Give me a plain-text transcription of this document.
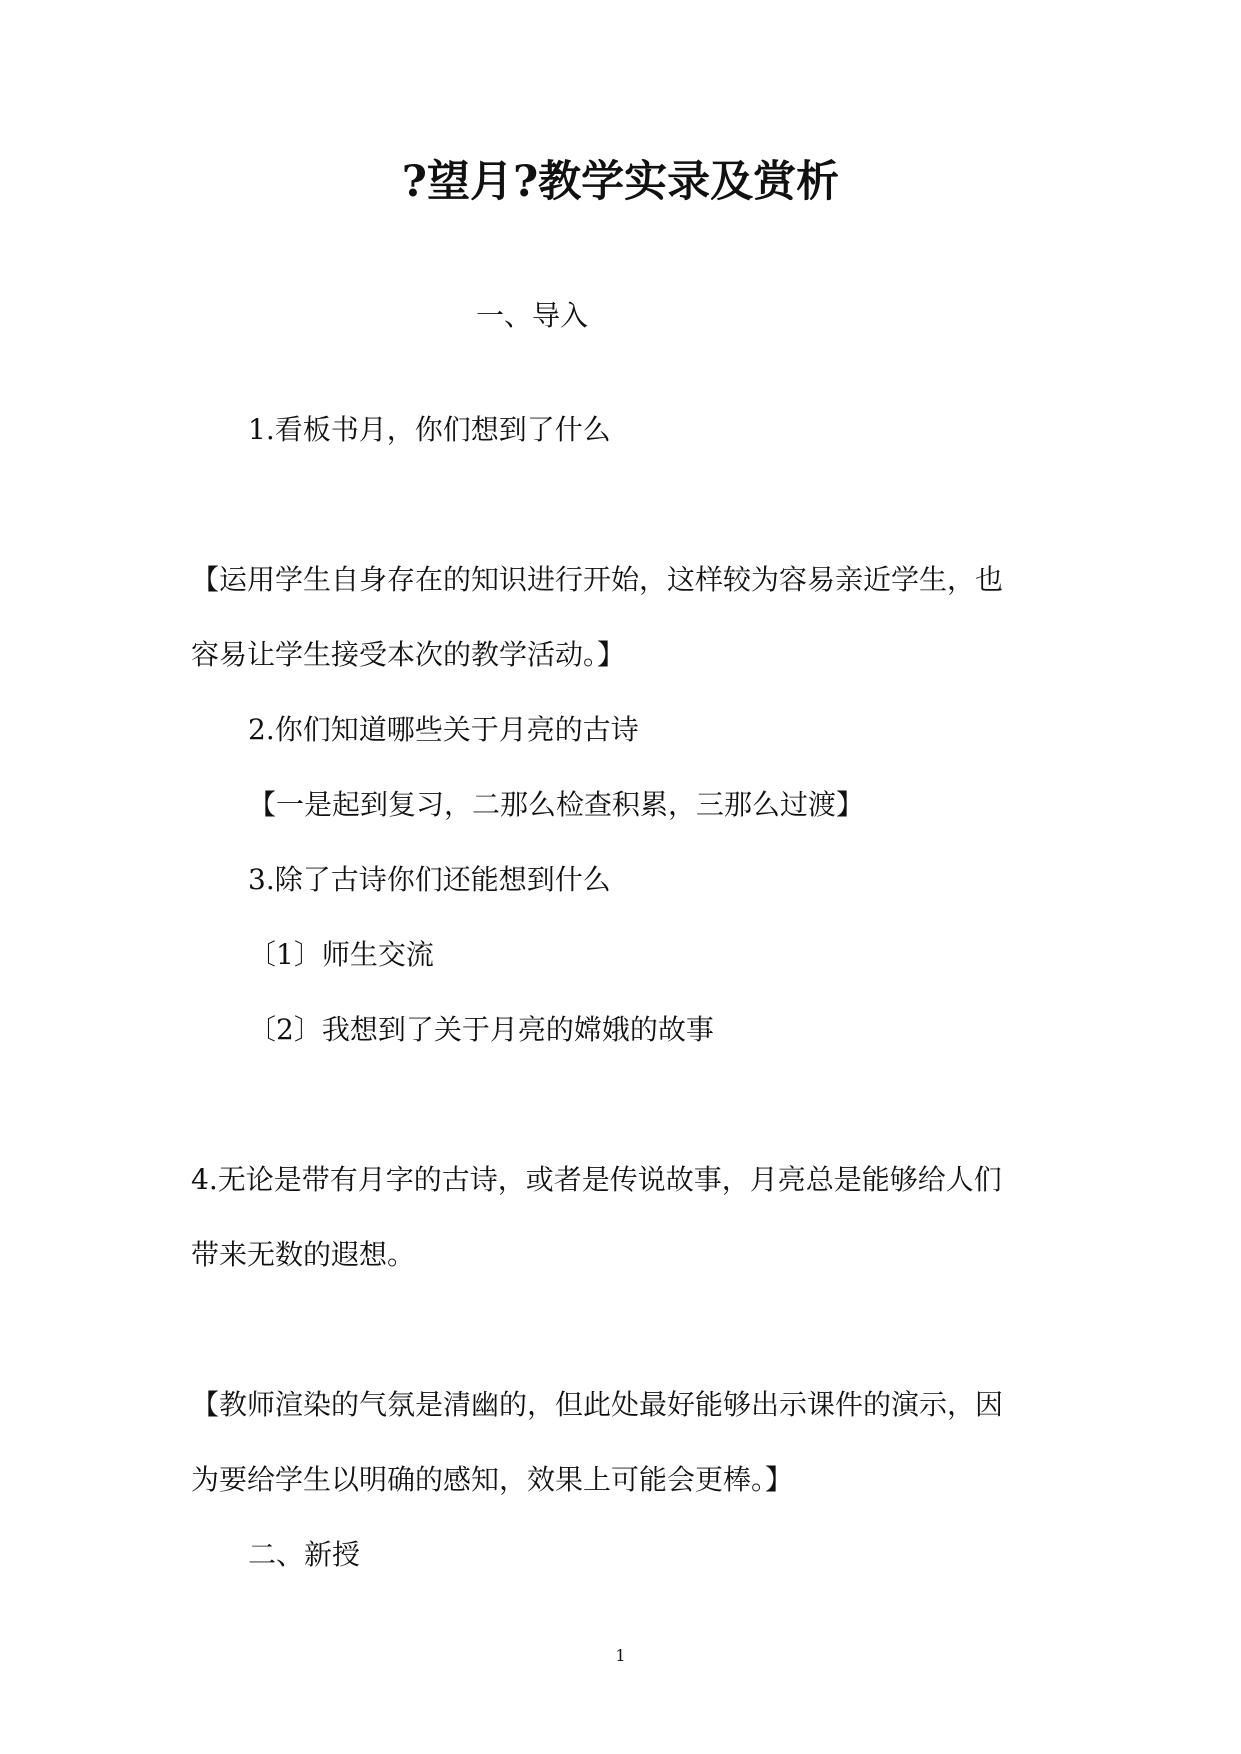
?望月?教学实录及赏析
一、导入
1.看板书月，你们想到了什么
【运用学生自身存在的知识进行开始，这样较为容易亲近学生，也
容易让学生接受本次的教学活动。】
2.你们知道哪些关于月亮的古诗
【一是起到复习，二那么检查积累，三那么过渡】
3.除了古诗你们还能想到什么
〔1〕师生交流
〔2〕我想到了关于月亮的嫦娥的故事
4.无论是带有月字的古诗，或者是传说故事，月亮总是能够给人们
带来无数的遐想。
【教师渲染的气氛是清幽的，但此处最好能够出示课件的演示，因
为要给学生以明确的感知，效果上可能会更棒。】
二、新授
1
